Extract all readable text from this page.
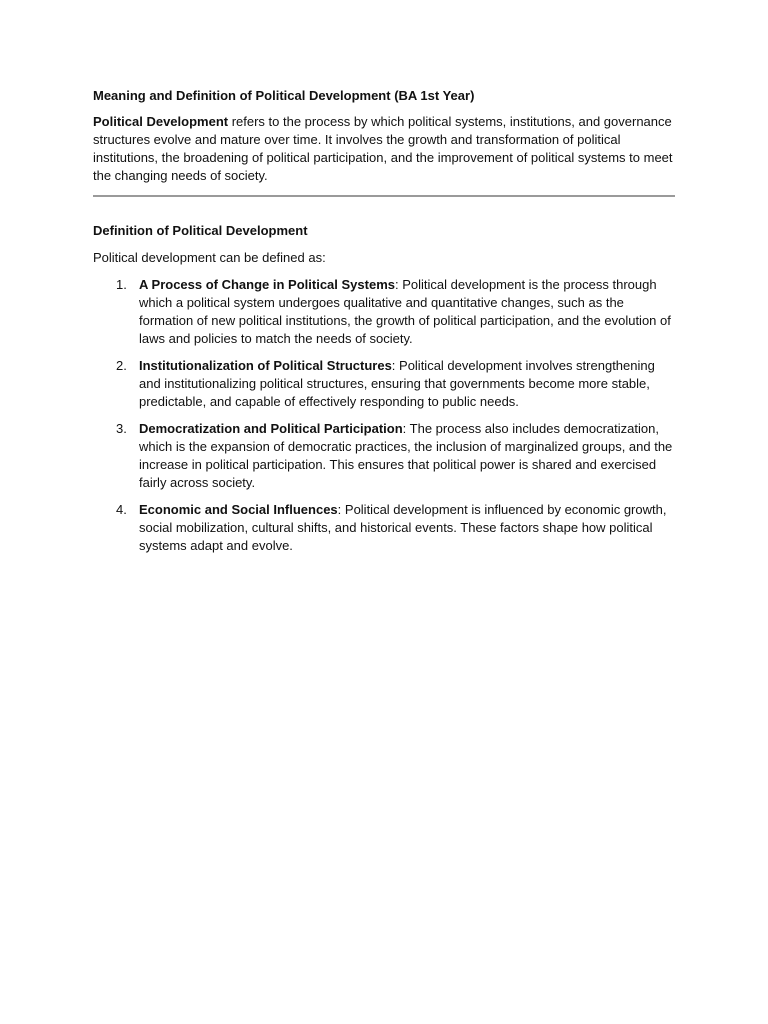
Meaning and Definition of Political Development (BA 1st Year)

Political Development refers to the process by which political systems, institutions, and governance structures evolve and mature over time. It involves the growth and transformation of political institutions, the broadening of political participation, and the improvement of political systems to meet the changing needs of society.

Definition of Political Development

Political development can be defined as:

1. A Process of Change in Political Systems: Political development is the process through which a political system undergoes qualitative and quantitative changes, such as the formation of new political institutions, the growth of political participation, and the evolution of laws and policies to match the needs of society.
2. Institutionalization of Political Structures: Political development involves strengthening and institutionalizing political structures, ensuring that governments become more stable, predictable, and capable of effectively responding to public needs.
3. Democratization and Political Participation: The process also includes democratization, which is the expansion of democratic practices, the inclusion of marginalized groups, and the increase in political participation. This ensures that political power is shared and exercised fairly across society.
4. Economic and Social Influences: Political development is influenced by economic growth, social mobilization, cultural shifts, and historical events. These factors shape how political systems adapt and evolve.
